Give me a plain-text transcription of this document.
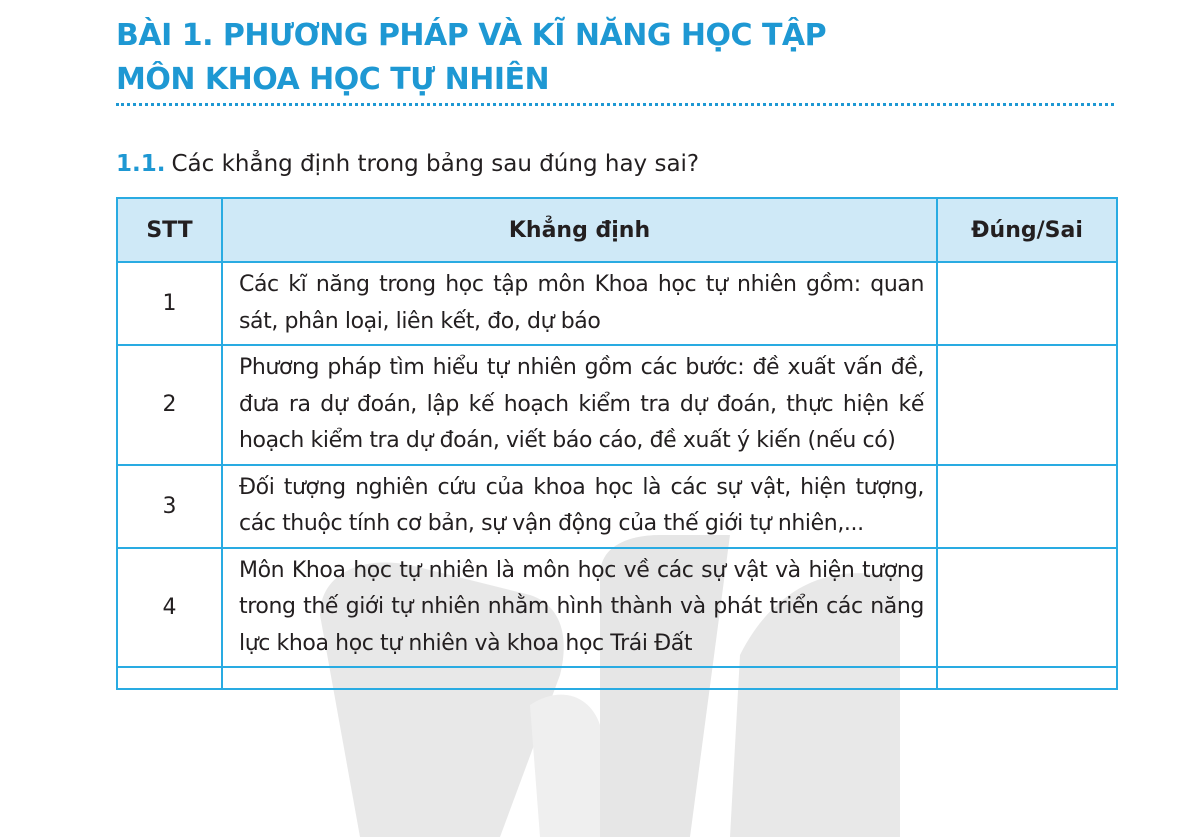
BÀI 1. PHƯƠNG PHÁP VÀ KĨ NĂNG HỌC TẬP
MÔN KHOA HỌC TỰ NHIÊN
1.1. Các khẳng định trong bảng sau đúng hay sai?
STT	Khẳng định	Đúng/Sai
1	Các kĩ năng trong học tập môn Khoa học tự nhiên gồm: quan sát, phân loại, liên kết, đo, dự báo	
2	Phương pháp tìm hiểu tự nhiên gồm các bước: đề xuất vấn đề, đưa ra dự đoán, lập kế hoạch kiểm tra dự đoán, thực hiện kế hoạch kiểm tra dự đoán, viết báo cáo, đề xuất ý kiến (nếu có)	
3	Đối tượng nghiên cứu của khoa học là các sự vật, hiện tượng, các thuộc tính cơ bản, sự vận động của thế giới tự nhiên,...	
4	Môn Khoa học tự nhiên là môn học về các sự vật và hiện tượng trong thế giới tự nhiên nhằm hình thành và phát triển các năng lực khoa học tự nhiên và khoa học Trái Đất	
